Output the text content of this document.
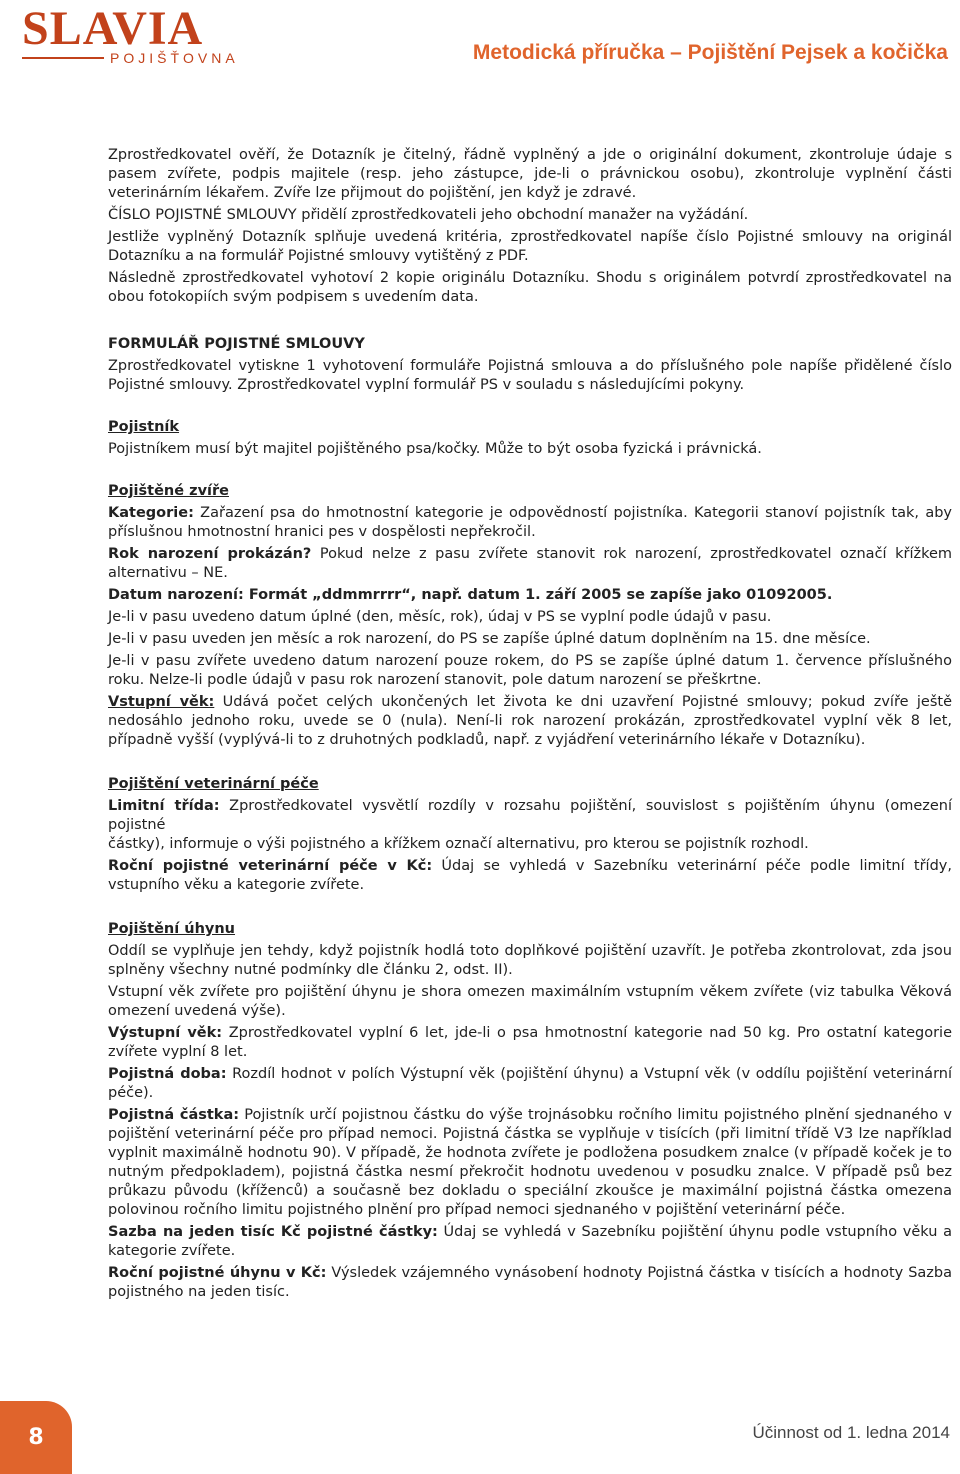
SLAVIA
POJIŠŤOVNA	Metodická příručka – Pojištění Pejsek a kočička

Zprostředkovatel ověří, že Dotazník je čitelný, řádně vyplněný a jde o originální dokument, zkontroluje údaje s pasem zvířete, podpis majitele (resp. jeho zástupce, jde-li o právnickou osobu), zkontroluje vyplnění části veterinárním lékařem. Zvíře lze přijmout do pojištění, jen když je zdravé.

ČÍSLO POJISTNÉ SMLOUVY přidělí zprostředkovateli jeho obchodní manažer na vyžádání.

Jestliže vyplněný Dotazník splňuje uvedená kritéria, zprostředkovatel napíše číslo Pojistné smlouvy na originál Dotazníku a na formulář Pojistné smlouvy vytištěný z PDF.

Následně zprostředkovatel vyhotoví 2 kopie originálu Dotazníku. Shodu s originálem potvrdí zprostředkovatel na obou fotokopiích svým podpisem s uvedením data.

FORMULÁŘ POJISTNÉ SMLOUVY

Zprostředkovatel vytiskne 1 vyhotovení formuláře Pojistná smlouva a do příslušného pole napíše přidělené číslo Pojistné smlouvy. Zprostředkovatel vyplní formulář PS v souladu s následujícími pokyny.

Pojistník

Pojistníkem musí být majitel pojištěného psa/kočky. Může to být osoba fyzická i právnická.

Pojištěné zvíře

Kategorie: Zařazení psa do hmotnostní kategorie je odpovědností pojistníka. Kategorii stanoví pojistník tak, aby příslušnou hmotnostní hranici pes v dospělosti nepřekročil.

Rok narození prokázán? Pokud nelze z pasu zvířete stanovit rok narození, zprostředkovatel označí křížkem alternativu – NE.

Datum narození: Formát „ddmmrrrr“, např. datum 1. září 2005 se zapíše jako 01092005.

Je-li v pasu uvedeno datum úplné (den, měsíc, rok), údaj v PS se vyplní podle údajů v pasu.

Je-li v pasu uveden jen měsíc a rok narození, do PS se zapíše úplné datum doplněním na 15. dne měsíce.

Je-li v pasu zvířete uvedeno datum narození pouze rokem, do PS se zapíše úplné datum 1. července příslušného roku. Nelze-li podle údajů v pasu rok narození stanovit, pole datum narození se přeškrtne.

Vstupní věk: Udává počet celých ukončených let života ke dni uzavření Pojistné smlouvy; pokud zvíře ještě nedosáhlo jednoho roku, uvede se 0 (nula). Není-li rok narození prokázán, zprostředkovatel vyplní věk 8 let, případně vyšší (vyplývá-li to z druhotných podkladů, např. z vyjádření veterinárního lékaře v Dotazníku).

Pojištění veterinární péče

Limitní třída: Zprostředkovatel vysvětlí rozdíly v rozsahu pojištění, souvislost s pojištěním úhynu (omezení pojistné

částky), informuje o výši pojistného a křížkem označí alternativu, pro kterou se pojistník rozhodl.

Roční pojistné veterinární péče v Kč: Údaj se vyhledá v Sazebníku veterinární péče podle limitní třídy, vstupního věku a kategorie zvířete.

Pojištění úhynu

Oddíl se vyplňuje jen tehdy, když pojistník hodlá toto doplňkové pojištění uzavřít. Je potřeba zkontrolovat, zda jsou splněny všechny nutné podmínky dle článku 2, odst. II).

Vstupní věk zvířete pro pojištění úhynu je shora omezen maximálním vstupním věkem zvířete (viz tabulka Věková omezení uvedená výše).

Výstupní věk: Zprostředkovatel vyplní 6 let, jde-li o psa hmotnostní kategorie nad 50 kg. Pro ostatní kategorie zvířete vyplní 8 let.

Pojistná doba: Rozdíl hodnot v polích Výstupní věk (pojištění úhynu) a Vstupní věk (v oddílu pojištění veterinární péče).

Pojistná částka: Pojistník určí pojistnou částku do výše trojnásobku ročního limitu pojistného plnění sjednaného v pojištění veterinární péče pro případ nemoci. Pojistná částka se vyplňuje v tisících (při limitní třídě V3 lze například vyplnit maximálně hodnotu 90). V případě, že hodnota zvířete je podložena posudkem znalce (v případě koček je to nutným předpokladem), pojistná částka nesmí překročit hodnotu uvedenou v posudku znalce. V případě psů bez průkazu původu (kříženců) a současně bez dokladu o speciální zkoušce je maximální pojistná částka omezena polovinou ročního limitu pojistného plnění pro případ nemoci sjednaného v pojištění veterinární péče.

Sazba na jeden tisíc Kč pojistné částky: Údaj se vyhledá v Sazebníku pojištění úhynu podle vstupního věku a kategorie zvířete.

Roční pojistné úhynu v Kč: Výsledek vzájemného vynásobení hodnoty Pojistná částka v tisících a hodnoty Sazba pojistného na jeden tisíc.

8	Účinnost od 1. ledna 2014
